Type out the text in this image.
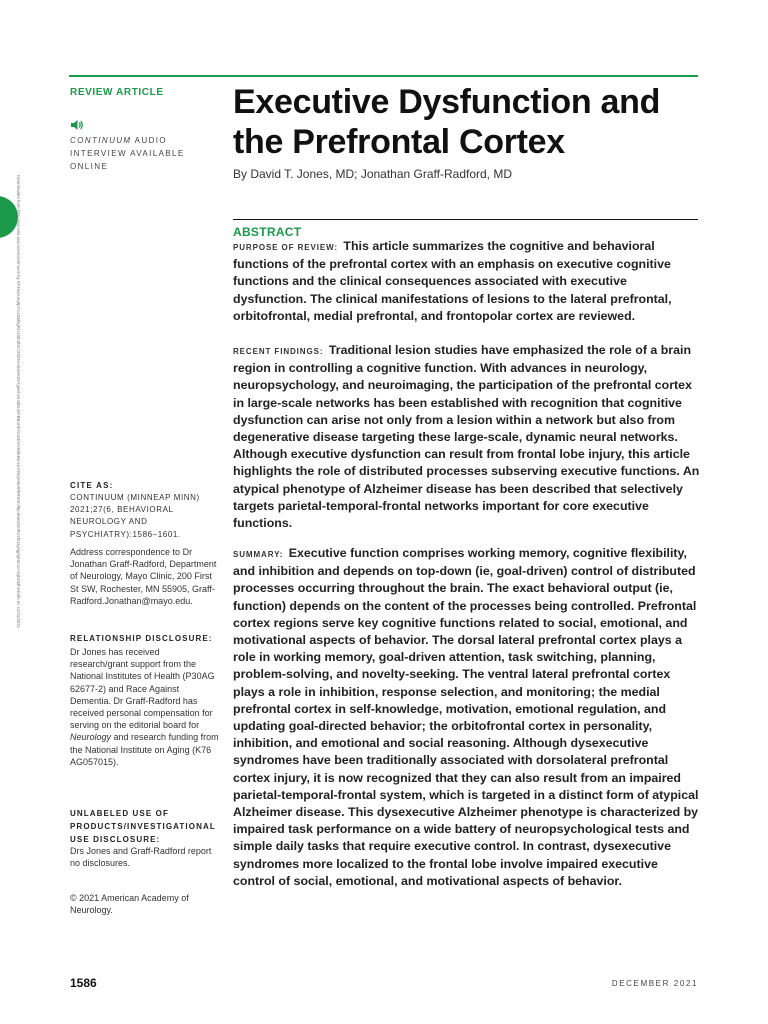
REVIEW ARTICLE
CONTINUUM AUDIO INTERVIEW AVAILABLE ONLINE
Downloaded from http://journals.lww.com/continuum by hP4lwzUrq9pYV4ZBf5gRrvLl0hdfxk7ZdZH/Ab4ereZ9YgeehJxI4d8U2iFBBaHh/XuGEHV09ik84ncoYdKqHIdcRlRR2Hn/f8pJeWxK8JRvYbUzy0gpqE0c3vAOjbOMhHK6fo on 12/15/2021
Executive Dysfunction and the Prefrontal Cortex
By David T. Jones, MD; Jonathan Graff-Radford, MD
ABSTRACT

PURPOSE OF REVIEW: This article summarizes the cognitive and behavioral functions of the prefrontal cortex with an emphasis on executive cognitive functions and the clinical consequences associated with executive dysfunction. The clinical manifestations of lesions to the lateral prefrontal, orbitofrontal, medial prefrontal, and frontopolar cortex are reviewed.

RECENT FINDINGS: Traditional lesion studies have emphasized the role of a brain region in controlling a cognitive function. With advances in neurology, neuropsychology, and neuroimaging, the participation of the prefrontal cortex in large-scale networks has been established with recognition that cognitive dysfunction can arise not only from a lesion within a network but also from degenerative disease targeting these large-scale, dynamic neural networks. Although executive dysfunction can result from frontal lobe injury, this article highlights the role of distributed processes subserving executive functions. An atypical phenotype of Alzheimer disease has been described that selectively targets parietal-temporal-frontal networks important for core executive functions.

SUMMARY: Executive function comprises working memory, cognitive flexibility, and inhibition and depends on top-down (ie, goal-driven) control of distributed processes occurring throughout the brain. The exact behavioral output (ie, function) depends on the content of the processes being controlled. Prefrontal cortex regions serve key cognitive functions related to social, emotional, and motivational aspects of behavior. The dorsal lateral prefrontal cortex plays a role in working memory, goal-driven attention, task switching, planning, problem-solving, and novelty-seeking. The ventral lateral prefrontal cortex plays a role in inhibition, response selection, and monitoring; the medial prefrontal cortex in self-knowledge, motivation, emotional regulation, and updating goal-directed behavior; the orbitofrontal cortex in personality, inhibition, and emotional and social reasoning. Although dysexecutive syndromes have been traditionally associated with dorsolateral prefrontal cortex injury, it is now recognized that they can also result from an impaired parietal-temporal-frontal system, which is targeted in a distinct form of atypical Alzheimer disease. This dysexecutive Alzheimer phenotype is characterized by impaired task performance on a wide battery of neuropsychological tests and simple daily tasks that require executive control. In contrast, dysexecutive syndromes more localized to the frontal lobe involve impaired executive control of social, emotional, and motivational aspects of behavior.

CITE AS:
CONTINUUM (MINNEAP MINN) 2021;27(6, BEHAVIORAL NEUROLOGY AND PSYCHIATRY):1586–1601.
Address correspondence to Dr Jonathan Graff-Radford, Department of Neurology, Mayo Clinic, 200 First St SW, Rochester, MN 55905, Graff-Radford.Jonathan@mayo.edu.
RELATIONSHIP DISCLOSURE:
Dr Jones has received research/grant support from the National Institutes of Health (P30AG 62677-2) and Race Against Dementia. Dr Graff-Radford has received personal compensation for serving on the editorial board for Neurology and research funding from the National Institute on Aging (K76 AG057015).
UNLABELED USE OF PRODUCTS/INVESTIGATIONAL USE DISCLOSURE:
Drs Jones and Graff-Radford report no disclosures.
© 2021 American Academy of Neurology.
1586	DECEMBER 2021
